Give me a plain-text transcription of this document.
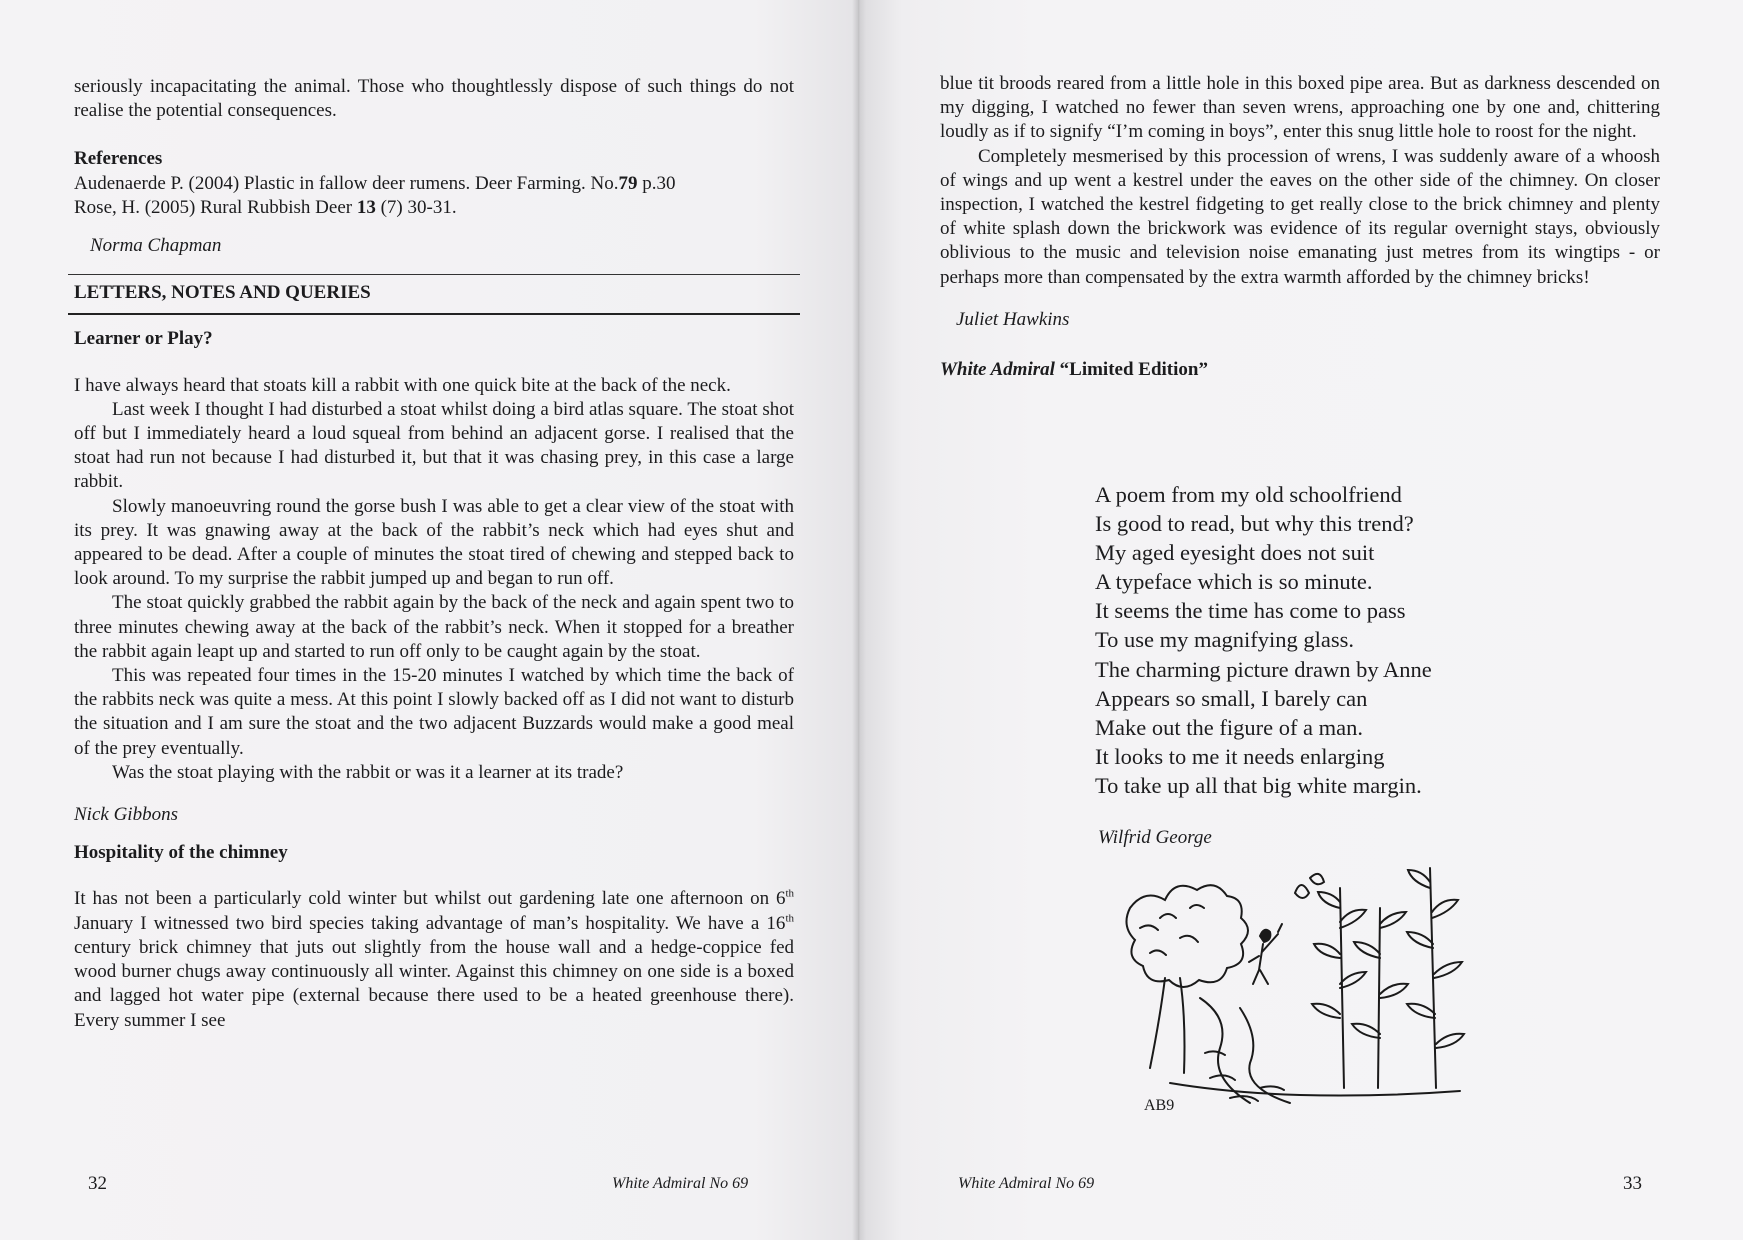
seriously incapacitating the animal. Those who thoughtlessly dispose of such things do not realise the potential consequences.

References
Audenaerde P. (2004) Plastic in fallow deer rumens. Deer Farming. No.79 p.30
Rose, H. (2005) Rural Rubbish Deer 13 (7) 30-31.
Norma Chapman
LETTERS, NOTES AND QUERIES
Learner or Play?

I have always heard that stoats kill a rabbit with one quick bite at the back of the neck.

Last week I thought I had disturbed a stoat whilst doing a bird atlas square. The stoat shot off but I immediately heard a loud squeal from behind an adjacent gorse. I realised that the stoat had run not because I had disturbed it, but that it was chasing prey, in this case a large rabbit.

Slowly manoeuvring round the gorse bush I was able to get a clear view of the stoat with its prey. It was gnawing away at the back of the rabbit’s neck which had eyes shut and appeared to be dead. After a couple of minutes the stoat tired of chewing and stepped back to look around. To my surprise the rabbit jumped up and began to run off.

The stoat quickly grabbed the rabbit again by the back of the neck and again spent two to three minutes chewing away at the back of the rabbit’s neck. When it stopped for a breather the rabbit again leapt up and started to run off only to be caught again by the stoat.

This was repeated four times in the 15-20 minutes I watched by which time the back of the rabbits neck was quite a mess. At this point I slowly backed off as I did not want to disturb the situation and I am sure the stoat and the two adjacent Buzzards would make a good meal of the prey eventually.

Was the stoat playing with the rabbit or was it a learner at its trade?

Nick Gibbons
Hospitality of the chimney

It has not been a particularly cold winter but whilst out gardening late one afternoon on 6th January I witnessed two bird species taking advantage of man’s hospitality. We have a 16th century brick chimney that juts out slightly from the house wall and a hedge-coppice fed wood burner chugs away continuously all winter. Against this chimney on one side is a boxed and lagged hot water pipe (external because there used to be a heated greenhouse there). Every summer I see

32	White Admiral No 69

blue tit broods reared from a little hole in this boxed pipe area. But as darkness descended on my digging, I watched no fewer than seven wrens, approaching one by one and, chittering loudly as if to signify “I’m coming in boys”, enter this snug little hole to roost for the night.

Completely mesmerised by this procession of wrens, I was suddenly aware of a whoosh of wings and up went a kestrel under the eaves on the other side of the chimney. On closer inspection, I watched the kestrel fidgeting to get really close to the brick chimney and plenty of white splash down the brickwork was evidence of its regular overnight stays, obviously oblivious to the music and television noise emanating just metres from its wingtips - or perhaps more than compensated by the extra warmth afforded by the chimney bricks!

Juliet Hawkins
White Admiral “Limited Edition”
A poem from my old schoolfriend
Is good to read, but why this trend?
My aged eyesight does not suit
A typeface which is so minute.
It seems the time has come to pass
To use my magnifying glass.
The charming picture drawn by Anne
Appears so small, I barely can
Make out the figure of a man.
It looks to me it needs enlarging
To take up all that big white margin.
Wilfrid George
AB9
White Admiral No 69	33
